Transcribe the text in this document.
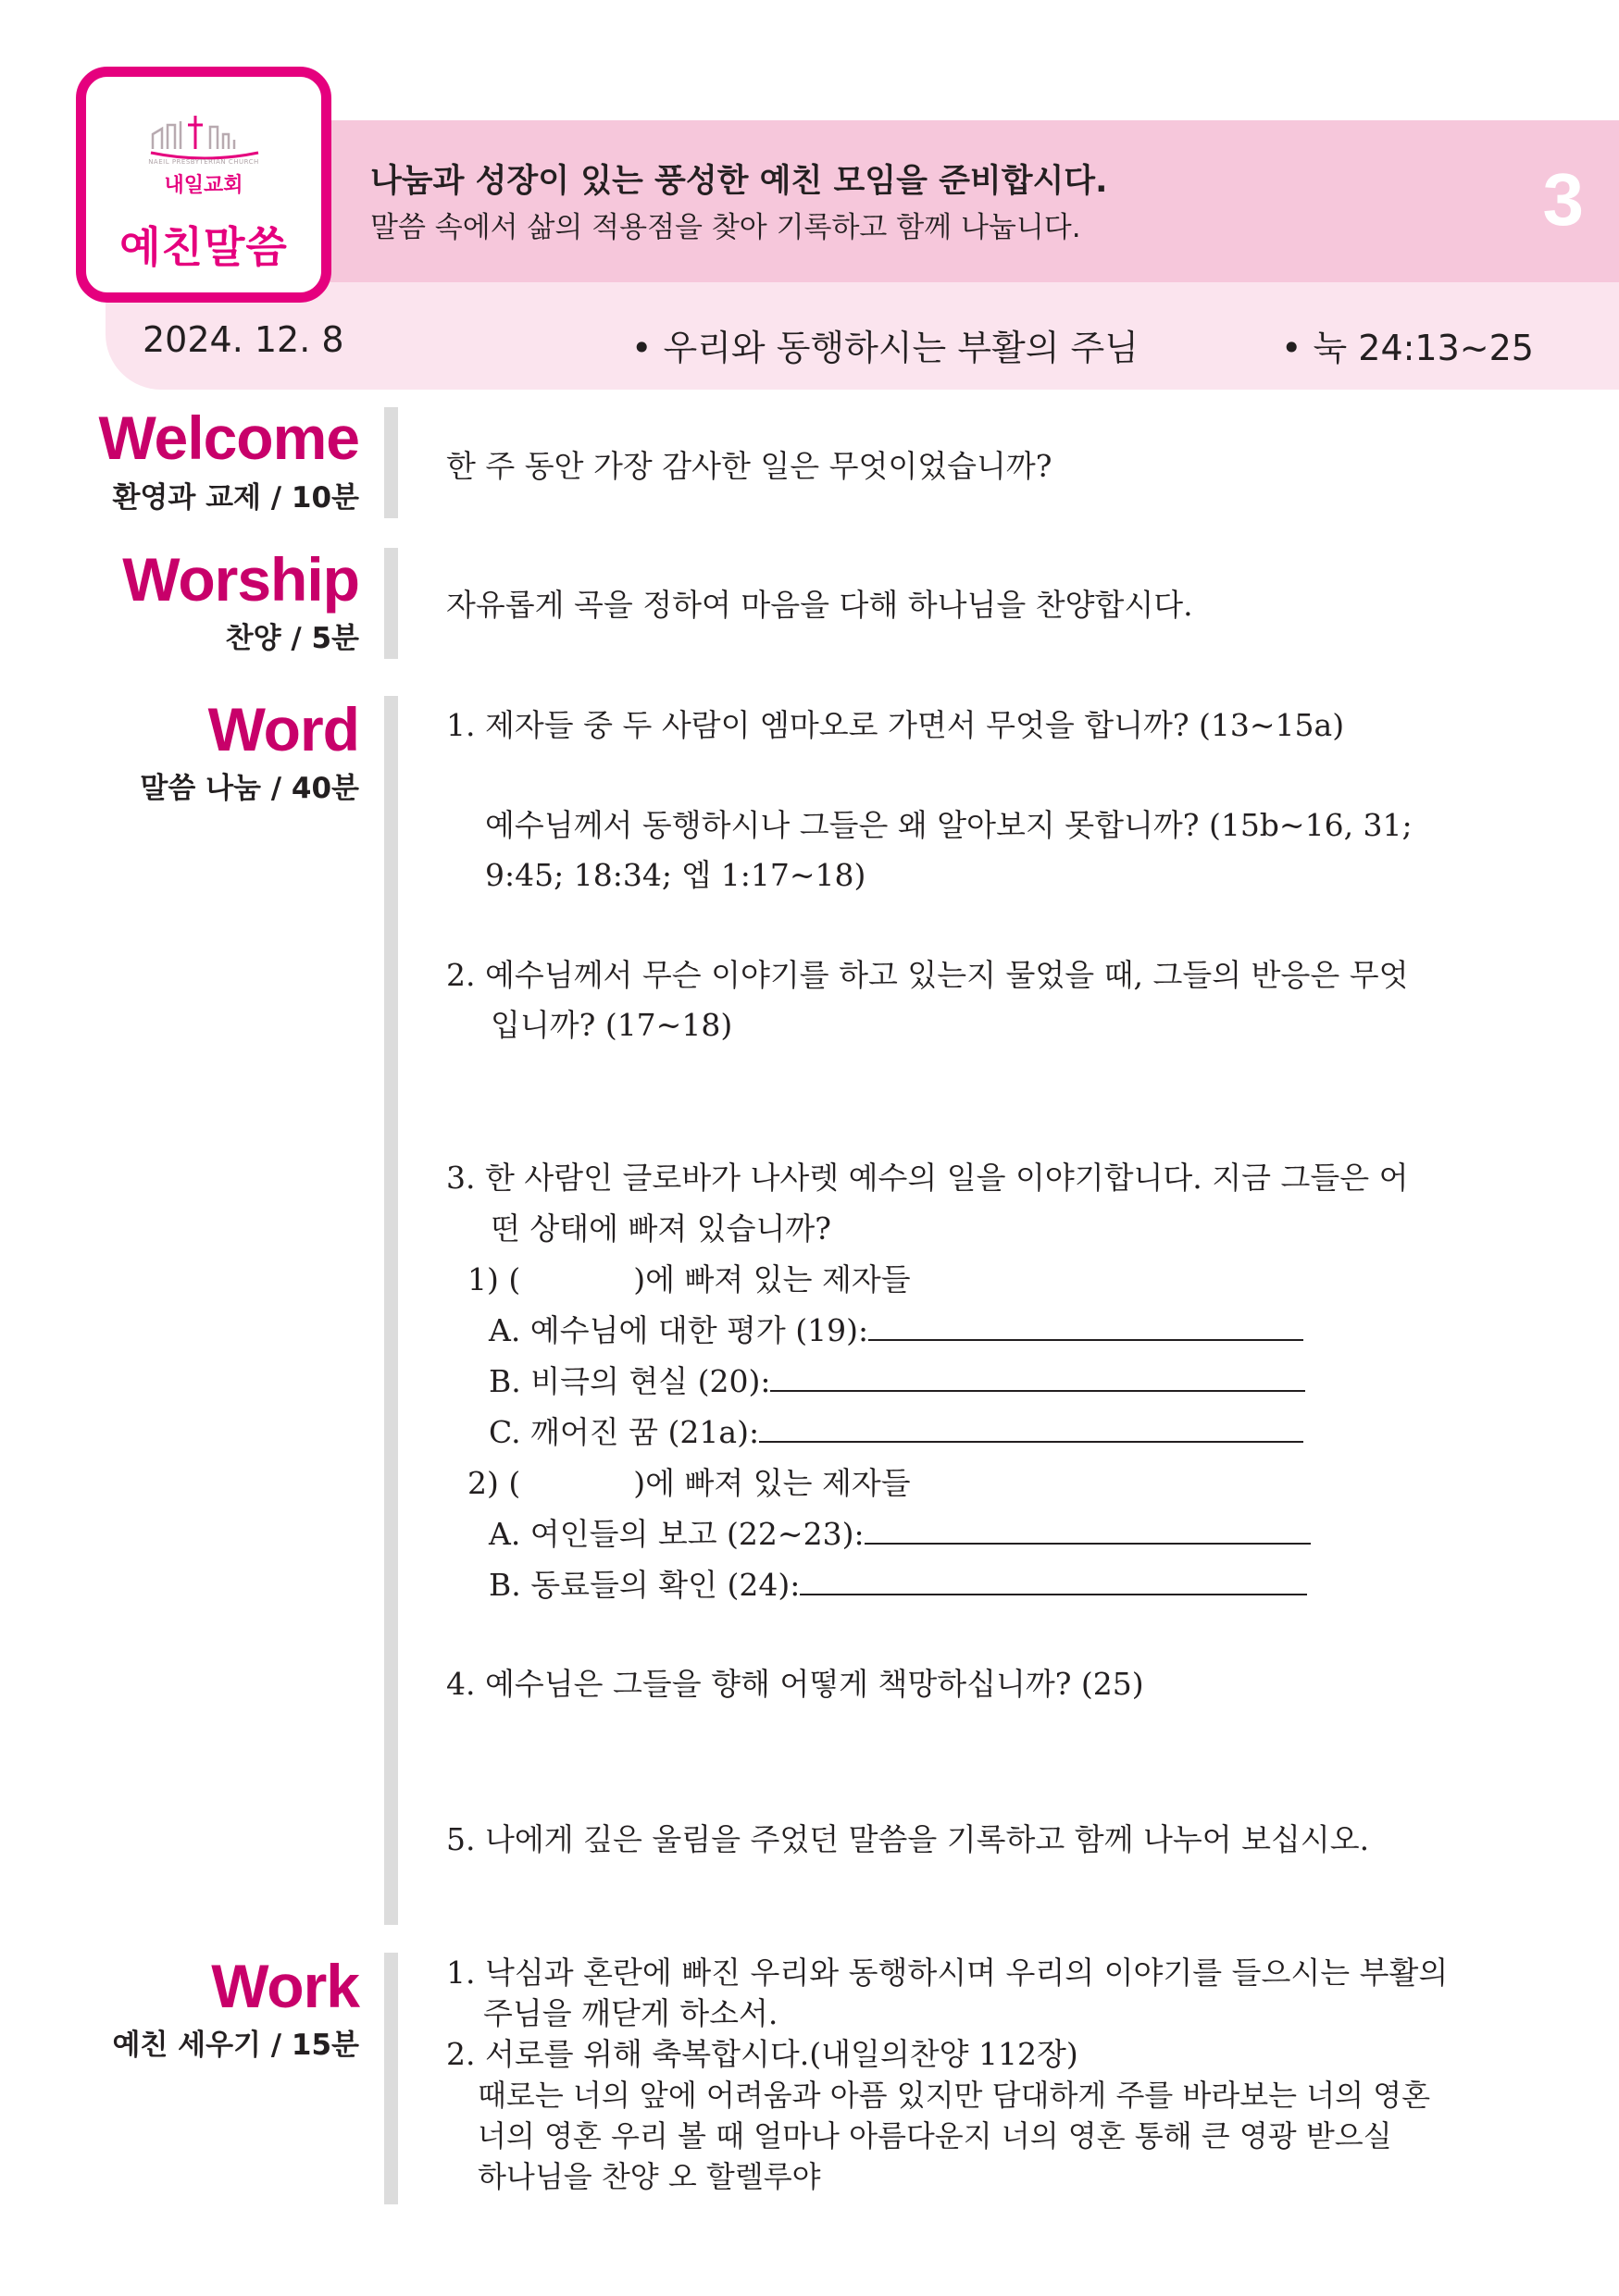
나눔과 성장이 있는 풍성한 예친 모임을 준비합시다.
말씀 속에서 삶의 적용점을 찾아 기록하고 함께 나눕니다.	3
NAEIL PRESBYTERIAN CHURCH
내일교회
예친말씀
2024. 12. 8	• 우리와 동행하시는 부활의 주님	• 눅 24:13~25
Welcome
환영과 교제 / 10분
한 주 동안 가장 감사한 일은 무엇이었습니까?
Worship
찬양 / 5분
자유롭게 곡을 정하여 마음을 다해 하나님을 찬양합시다.
Word
말씀 나눔 / 40분
1. 제자들 중 두 사람이 엠마오로 가면서 무엇을 합니까? (13~15a)
예수님께서 동행하시나 그들은 왜 알아보지 못합니까? (15b~16, 31;
9:45; 18:34; 엡 1:17~18)
2. 예수님께서 무슨 이야기를 하고 있는지 물었을 때, 그들의 반응은 무엇
입니까? (17~18)
3. 한 사람인 글로바가 나사렛 예수의 일을 이야기합니다. 지금 그들은 어
떤 상태에 빠져 있습니까?
1) (	)에 빠져 있는 제자들
A. 예수님에 대한 평가 (19):
B. 비극의 현실 (20):
C. 깨어진 꿈 (21a):
2) (	)에 빠져 있는 제자들
A. 여인들의 보고 (22~23):
B. 동료들의 확인 (24):
4. 예수님은 그들을 향해 어떻게 책망하십니까? (25)
5. 나에게 깊은 울림을 주었던 말씀을 기록하고 함께 나누어 보십시오.
Work
예친 세우기 / 15분
1. 낙심과 혼란에 빠진 우리와 동행하시며 우리의 이야기를 들으시는 부활의
주님을 깨닫게 하소서.
2. 서로를 위해 축복합시다.(내일의찬양 112장)
때로는 너의 앞에 어려움과 아픔 있지만 담대하게 주를 바라보는 너의 영혼
너의 영혼 우리 볼 때 얼마나 아름다운지 너의 영혼 통해 큰 영광 받으실
하나님을 찬양 오 할렐루야
